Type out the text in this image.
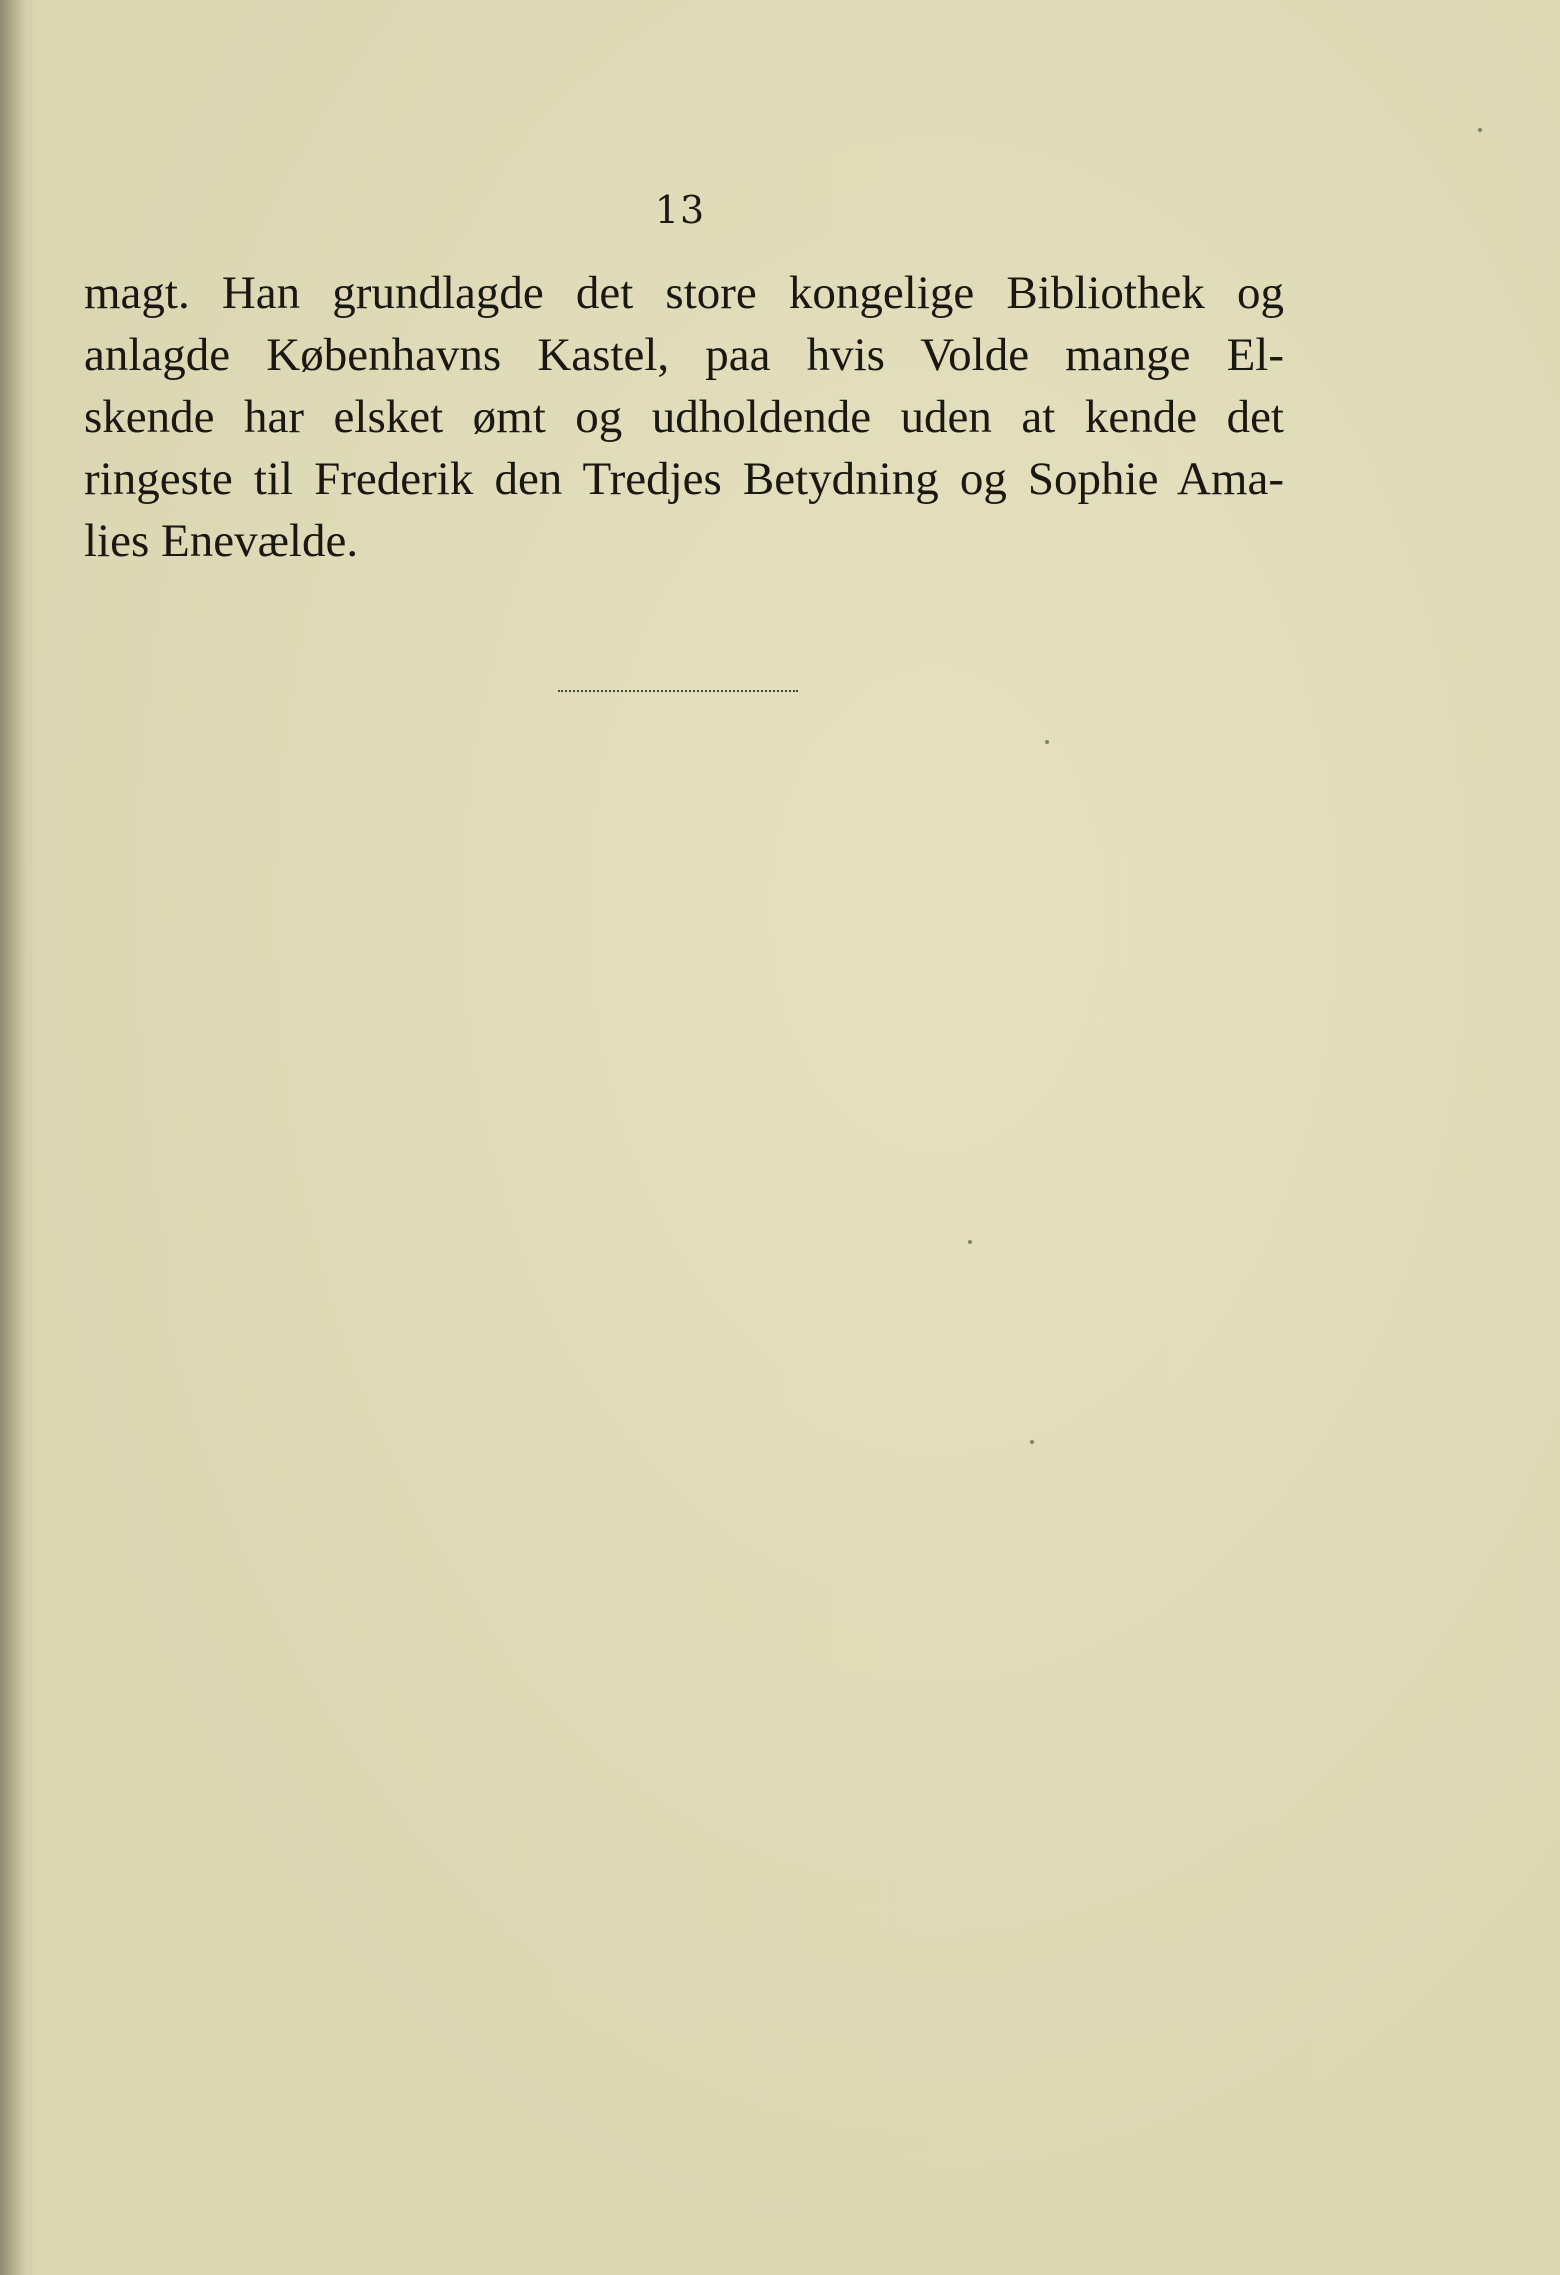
13
magt. Han grundlagde det store kongelige Bibliothek og
anlagde Københavns Kastel, paa hvis Volde mange El-
skende har elsket ømt og udholdende uden at kende det
ringeste til Frederik den Tredjes Betydning og Sophie Ama-
lies Enevælde.
